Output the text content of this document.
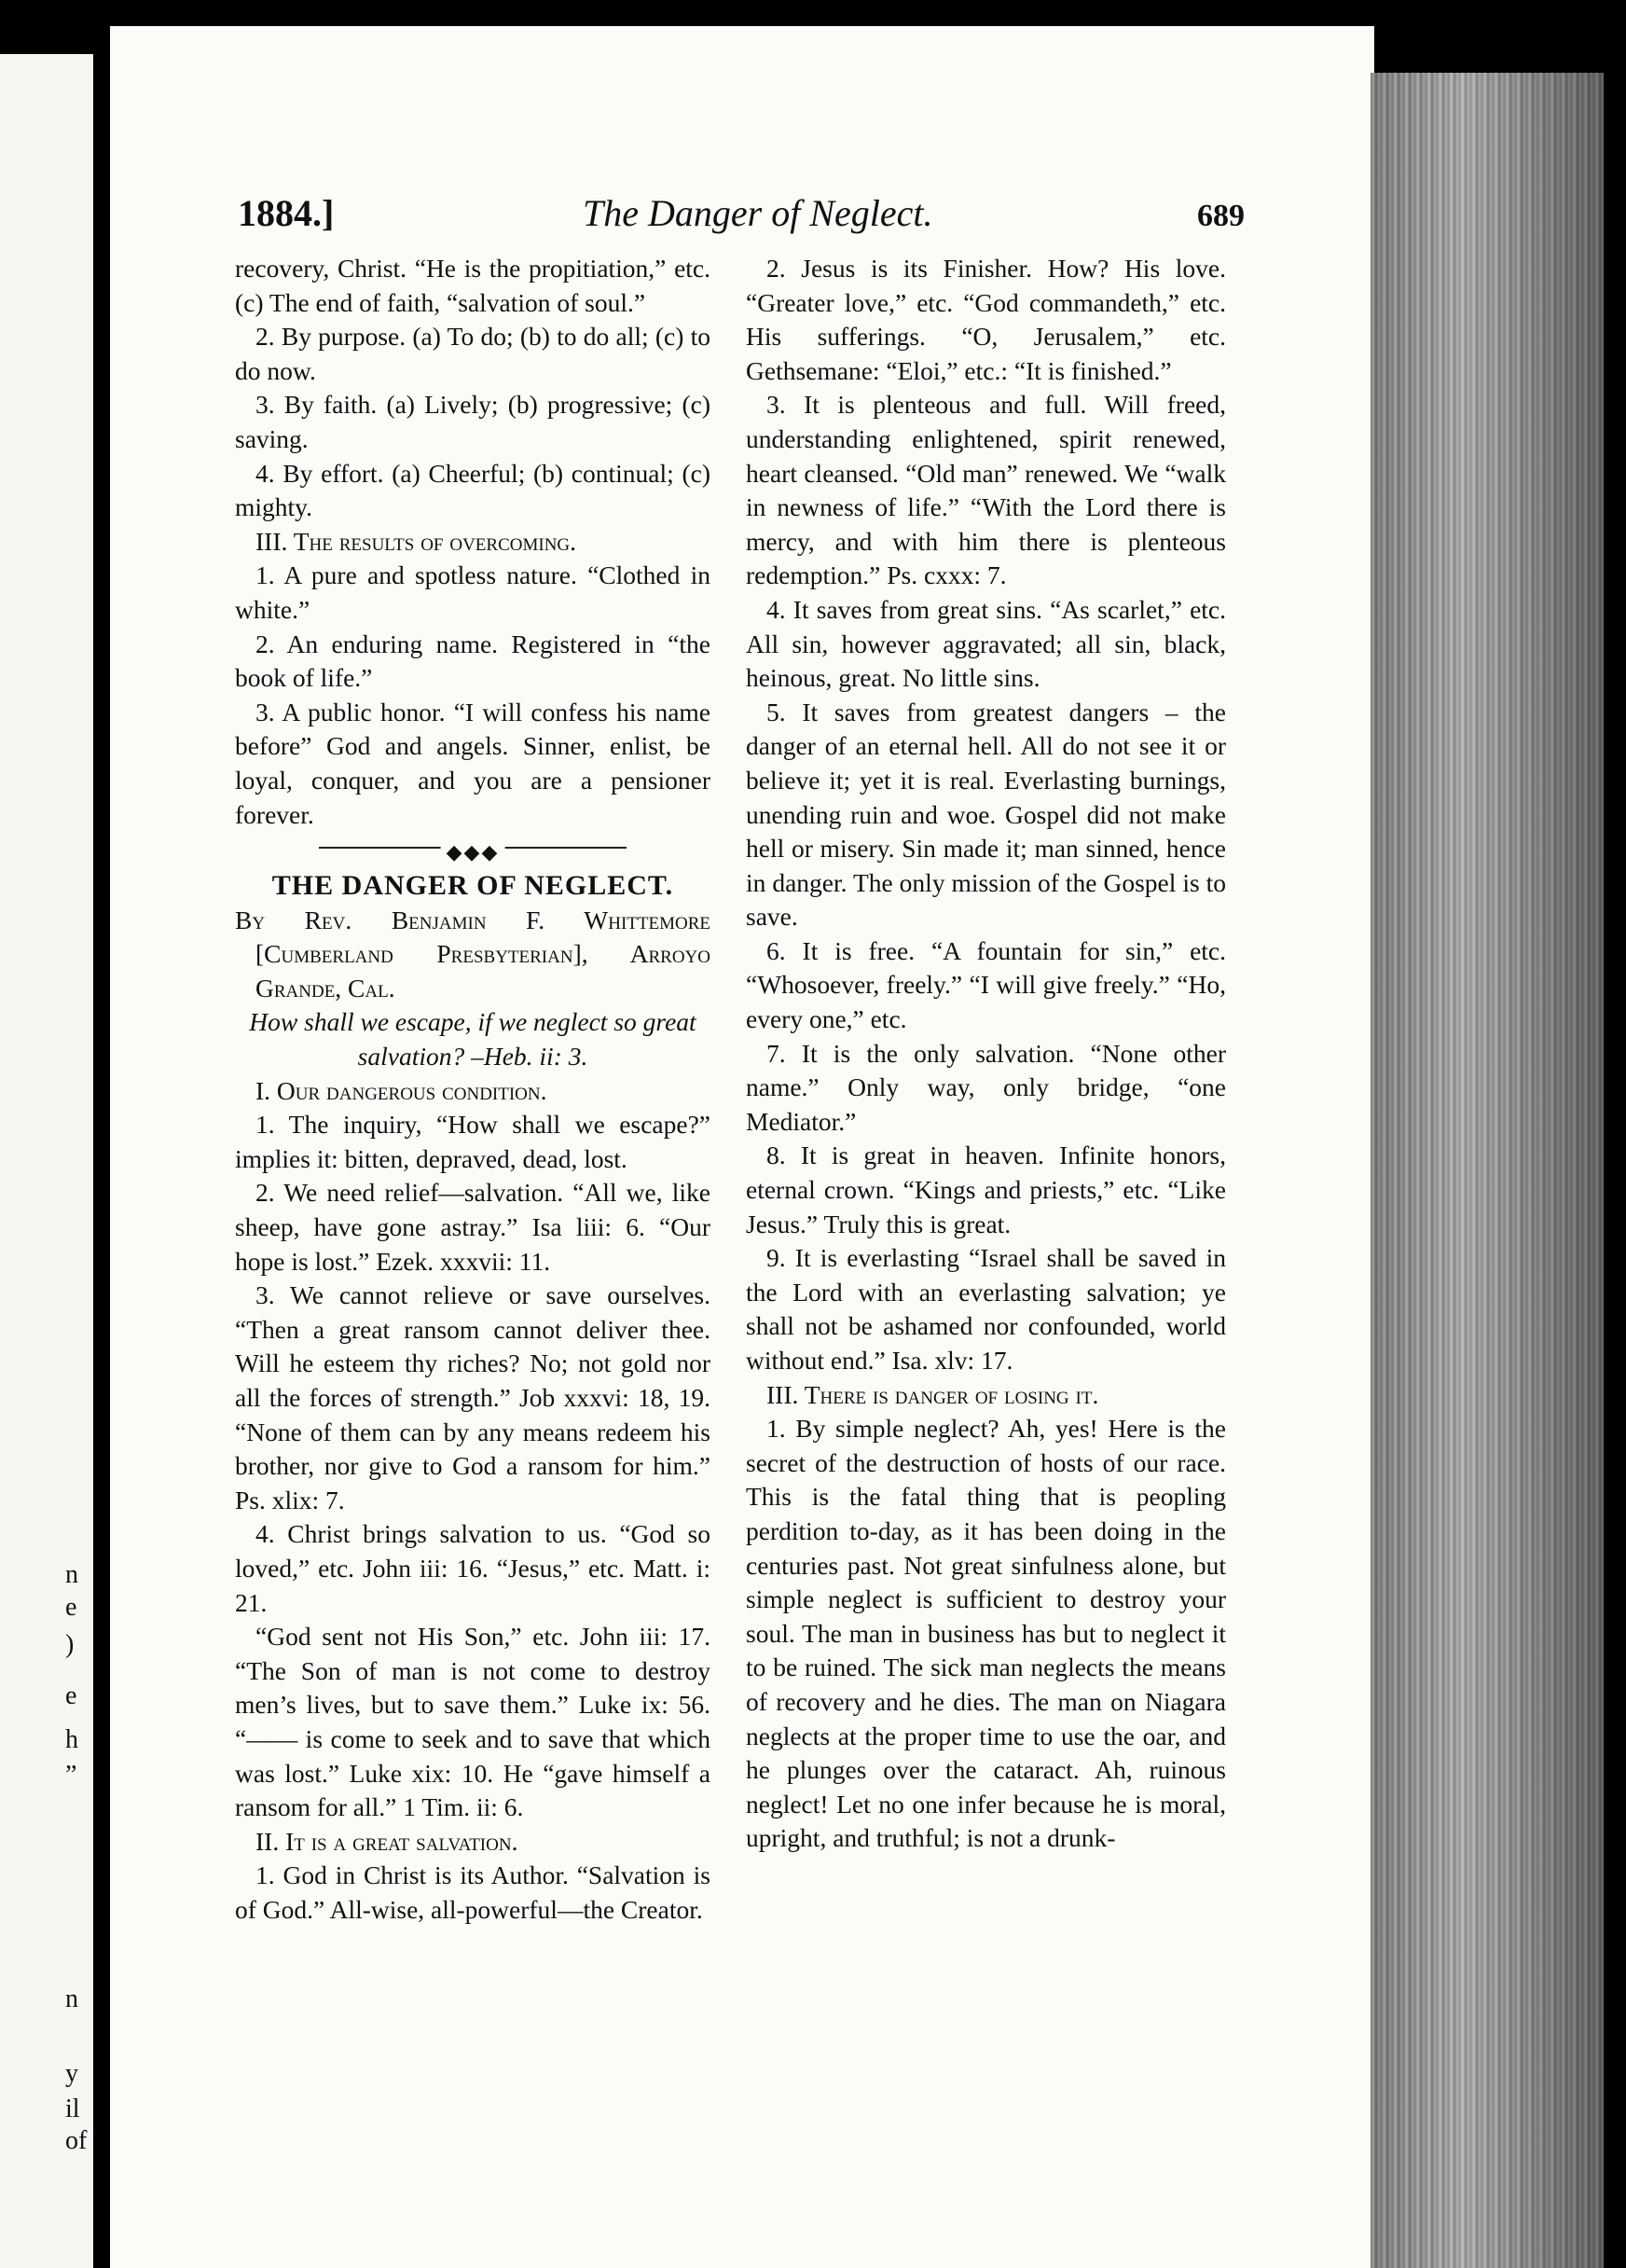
n
e
)
e
h
”
n
y
il
of
1884.]	The Danger of Neglect.	689

recovery, Christ. “He is the propitiation,” etc. (c) The end of faith, “salvation of soul.”

2. By purpose. (a) To do; (b) to do all; (c) to do now.

3. By faith. (a) Lively; (b) progressive; (c) saving.

4. By effort. (a) Cheerful; (b) continual; (c) mighty.

III. The results of overcoming.

1. A pure and spotless nature. “Clothed in white.”

2. An enduring name. Registered in “the book of life.”

3. A public honor. “I will confess his name before” God and angels. Sinner, enlist, be loyal, conquer, and you are a pensioner forever.

◆◆◆

THE DANGER OF NEGLECT.

By Rev. Benjamin F. Whittemore [Cumberland Presbyterian], Arroyo Grande, Cal.

How shall we escape, if we neglect so great salvation? –Heb. ii: 3.

I. Our dangerous condition.

1. The inquiry, “How shall we escape?” implies it: bitten, depraved, dead, lost.

2. We need relief—salvation. “All we, like sheep, have gone astray.” Isa liii: 6. “Our hope is lost.” Ezek. xxxvii: 11.

3. We cannot relieve or save ourselves. “Then a great ransom cannot deliver thee. Will he esteem thy riches? No; not gold nor all the forces of strength.” Job xxxvi: 18, 19. “None of them can by any means redeem his brother, nor give to God a ransom for him.” Ps. xlix: 7.

4. Christ brings salvation to us. “God so loved,” etc. John iii: 16. “Jesus,” etc. Matt. i: 21.

“God sent not His Son,” etc. John iii: 17. “The Son of man is not come to destroy men’s lives, but to save them.” Luke ix: 56. “—— is come to seek and to save that which was lost.” Luke xix: 10. He “gave himself a ransom for all.” 1 Tim. ii: 6.

II. It is a great salvation.

1. God in Christ is its Author. “Salvation is of God.” All-wise, all-powerful—the Creator.

2. Jesus is its Finisher. How? His love. “Greater love,” etc. “God commandeth,” etc. His sufferings. “O, Jerusalem,” etc. Gethsemane: “Eloi,” etc.: “It is finished.”

3. It is plenteous and full. Will freed, understanding enlightened, spirit renewed, heart cleansed. “Old man” renewed. We “walk in newness of life.” “With the Lord there is mercy, and with him there is plenteous redemption.” Ps. cxxx: 7.

4. It saves from great sins. “As scarlet,” etc. All sin, however aggravated; all sin, black, heinous, great. No little sins.

5. It saves from greatest dangers – the danger of an eternal hell. All do not see it or believe it; yet it is real. Everlasting burnings, unending ruin and woe. Gospel did not make hell or misery. Sin made it; man sinned, hence in danger. The only mission of the Gospel is to save.

6. It is free. “A fountain for sin,” etc. “Whosoever, freely.” “I will give freely.” “Ho, every one,” etc.

7. It is the only salvation. “None other name.” Only way, only bridge, “one Mediator.”

8. It is great in heaven. Infinite honors, eternal crown. “Kings and priests,” etc. “Like Jesus.” Truly this is great.

9. It is everlasting “Israel shall be saved in the Lord with an everlasting salvation; ye shall not be ashamed nor confounded, world without end.” Isa. xlv: 17.

III. There is danger of losing it.

1. By simple neglect? Ah, yes! Here is the secret of the destruction of hosts of our race. This is the fatal thing that is peopling perdition to-day, as it has been doing in the centuries past. Not great sinfulness alone, but simple neglect is sufficient to destroy your soul. The man in business has but to neglect it to be ruined. The sick man neglects the means of recovery and he dies. The man on Niagara neglects at the proper time to use the oar, and he plunges over the cataract. Ah, ruinous neglect! Let no one infer because he is moral, upright, and truthful; is not a drunk-
